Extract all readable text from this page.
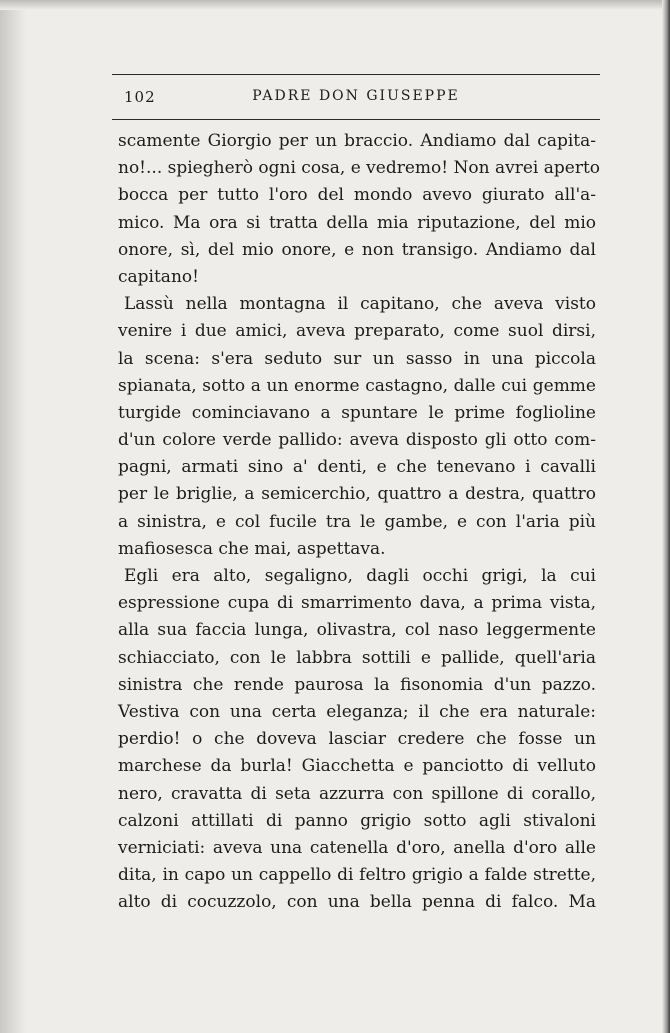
102	PADRE DON GIUSEPPE
scamente Giorgio per un braccio. Andiamo dal capita-
no!... spiegherò ogni cosa, e vedremo! Non avrei aperto
bocca per tutto l'oro del mondo avevo giurato all'a-
mico. Ma ora si tratta della mia riputazione, del mio
onore, sì, del mio onore, e non transigo. Andiamo dal
capitano!
Lassù nella montagna il capitano, che aveva visto
venire i due amici, aveva preparato, come suol dirsi,
la scena: s'era seduto sur un sasso in una piccola
spianata, sotto a un enorme castagno, dalle cui gemme
turgide cominciavano a spuntare le prime foglioline
d'un colore verde pallido: aveva disposto gli otto com-
pagni, armati sino a' denti, e che tenevano i cavalli
per le briglie, a semicerchio, quattro a destra, quattro
a sinistra, e col fucile tra le gambe, e con l'aria più
mafiosesca che mai, aspettava.
Egli era alto, segaligno, dagli occhi grigi, la cui
espressione cupa di smarrimento dava, a prima vista,
alla sua faccia lunga, olivastra, col naso leggermente
schiacciato, con le labbra sottili e pallide, quell'aria
sinistra che rende paurosa la fisonomia d'un pazzo.
Vestiva con una certa eleganza; il che era naturale:
perdio! o che doveva lasciar credere che fosse un
marchese da burla! Giacchetta e panciotto di velluto
nero, cravatta di seta azzurra con spillone di corallo,
calzoni attillati di panno grigio sotto agli stivaloni
verniciati: aveva una catenella d'oro, anella d'oro alle
dita, in capo un cappello di feltro grigio a falde strette,
alto di cocuzzolo, con una bella penna di falco. Ma
